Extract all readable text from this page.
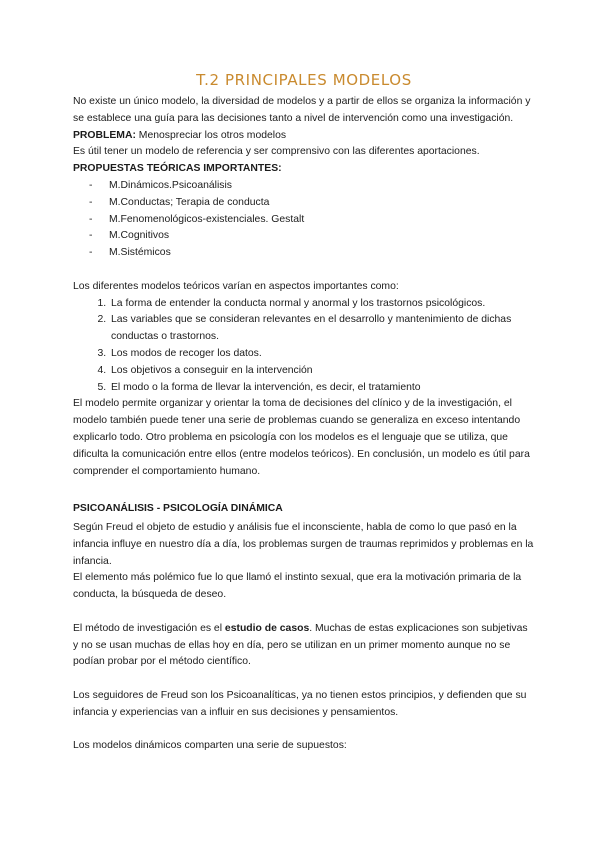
T.2 PRINCIPALES MODELOS

No existe un único modelo, la diversidad de modelos y a partir de ellos se organiza la información y se establece una guía para las decisiones tanto a nivel de intervención como una investigación.

PROBLEMA: Menospreciar los otros modelos

Es útil tener un modelo de referencia y ser comprensivo con las diferentes aportaciones.

PROPUESTAS TEÓRICAS IMPORTANTES:

- M.Dinámicos.Psicoanálisis
- M.Conductas; Terapia de conducta
- M.Fenomenológicos-existenciales. Gestalt
- M.Cognitivos
- M.Sistémicos

Los diferentes modelos teóricos varían en aspectos importantes como:

1. La forma de entender la conducta normal y anormal y los trastornos psicológicos.
2. Las variables que se consideran relevantes en el desarrollo y mantenimiento de dichas conductas o trastornos.
3. Los modos de recoger los datos.
4. Los objetivos a conseguir en la intervención
5. El modo o la forma de llevar la intervención, es decir, el tratamiento

El modelo permite organizar y orientar la toma de decisiones del clínico y de la investigación, el modelo también puede tener una serie de problemas cuando se generaliza en exceso intentando explicarlo todo. Otro problema en psicología con los modelos es el lenguaje que se utiliza, que dificulta la comunicación entre ellos (entre modelos teóricos). En conclusión, un modelo es útil para comprender el comportamiento humano.

PSICOANÁLISIS - PSICOLOGÍA DINÁMICA

Según Freud el objeto de estudio y análisis fue el inconsciente, habla de como lo que pasó en la infancia influye en nuestro día a día, los problemas surgen de traumas reprimidos y problemas en la infancia.

El elemento más polémico fue lo que llamó el instinto sexual, que era la motivación primaria de la conducta, la búsqueda de deseo.

El método de investigación es el estudio de casos. Muchas de estas explicaciones son subjetivas y no se usan muchas de ellas hoy en día, pero se utilizan en un primer momento aunque no se podían probar por el método científico.

Los seguidores de Freud son los Psicoanalíticas, ya no tienen estos principios, y defienden que su infancia y experiencias van a influir en sus decisiones y pensamientos.

Los modelos dinámicos comparten una serie de supuestos:
